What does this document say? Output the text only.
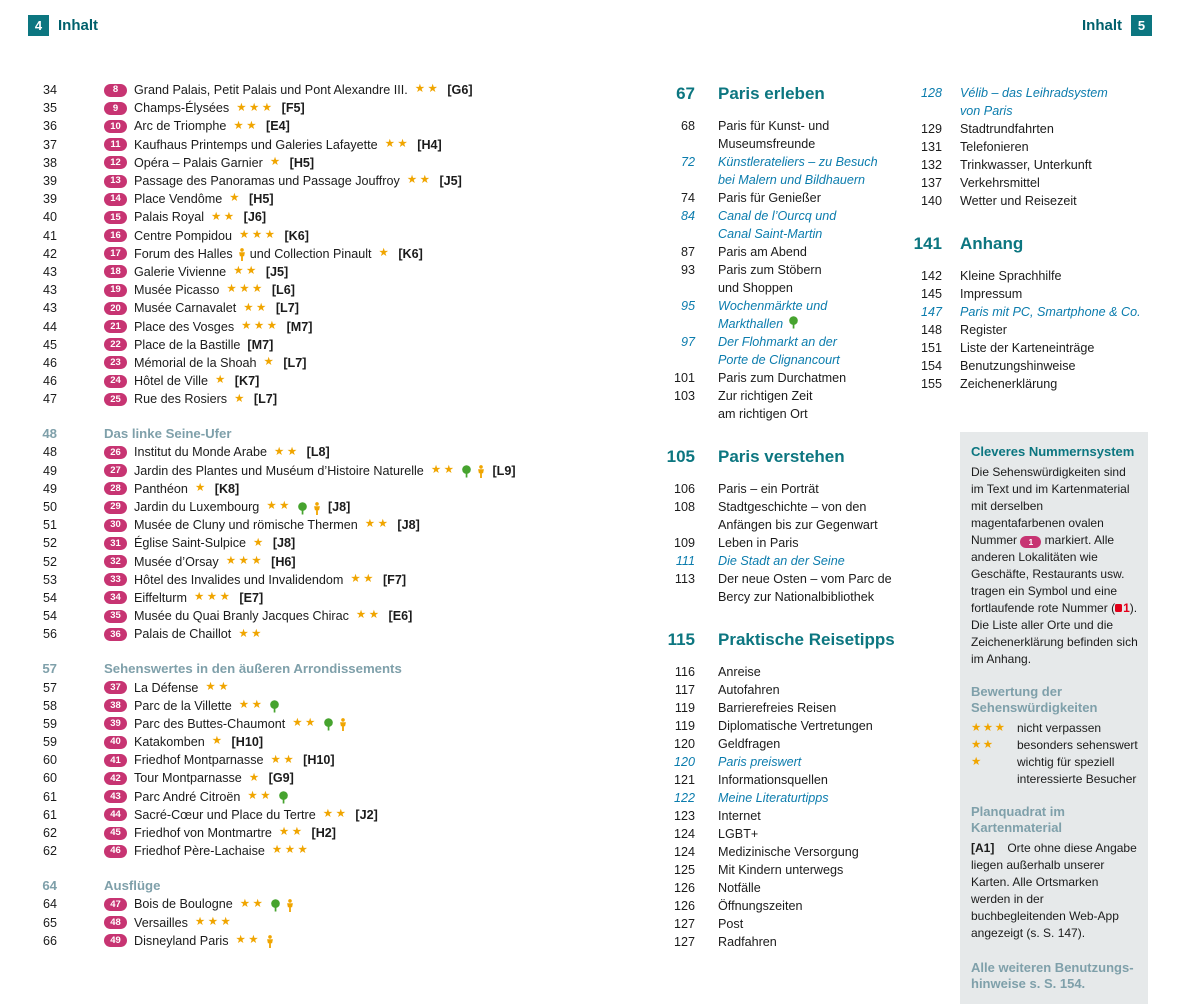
4	Inhalt	Inhalt	5
34	8	Grand Palais, Petit Palais und Pont Alexandre III. ★★ [G6]
35	9	Champs-Élysées ★★★ [F5]
36	10	Arc de Triomphe ★★ [E4]
37	11	Kaufhaus Printemps und Galeries Lafayette ★★ [H4]
38	12	Opéra – Palais Garnier ★ [H5]
39	13	Passage des Panoramas und Passage Jouffroy ★★ [J5]
39	14	Place Vendôme ★ [H5]
40	15	Palais Royal ★★ [J6]
41	16	Centre Pompidou ★★★ [K6]
42	17	Forum des Halles und Collection Pinault ★ [K6]
43	18	Galerie Vivienne ★★ [J5]
43	19	Musée Picasso ★★★ [L6]
43	20	Musée Carnavalet ★★ [L7]
44	21	Place des Vosges ★★★ [M7]
45	22	Place de la Bastille [M7]
46	23	Mémorial de la Shoah ★ [L7]
46	24	Hôtel de Ville ★ [K7]
47	25	Rue des Rosiers ★ [L7]
48	Das linke Seine-Ufer
48	26	Institut du Monde Arabe ★★ [L8]
49	27	Jardin des Plantes und Muséum d’Histoire Naturelle ★★	[L9]
49	28	Panthéon ★ [K8]
50	29	Jardin du Luxembourg ★★	[J8]
51	30	Musée de Cluny und römische Thermen ★★ [J8]
52	31	Église Saint-Sulpice ★ [J8]
52	32	Musée d’Orsay ★★★ [H6]
53	33	Hôtel des Invalides und Invalidendom ★★ [F7]
54	34	Eiffelturm ★★★ [E7]
54	35	Musée du Quai Branly Jacques Chirac ★★ [E6]
56	36	Palais de Chaillot ★★
57	Sehenswertes in den äußeren Arrondissements
57	37	La Défense ★★
58	38	Parc de la Villette ★★
59	39	Parc des Buttes-Chaumont ★★
59	40	Katakomben ★ [H10]
60	41	Friedhof Montparnasse ★★ [H10]
60	42	Tour Montparnasse ★ [G9]
61	43	Parc André Citroën ★★
61	44	Sacré-Cœur und Place du Tertre ★★ [J2]
62	45	Friedhof von Montmartre ★★ [H2]
62	46	Friedhof Père-Lachaise ★★★
64	Ausflüge
64	47	Bois de Boulogne ★★
65	48	Versailles ★★★
66	49	Disneyland Paris ★★
67 Paris erleben
68 Paris für Kunst- und
Museumsfreunde
72 Künstlerateliers – zu Besuch
bei Malern und Bildhauern
74 Paris für Genießer
84 Canal de l’Ourcq und
Canal Saint-Martin
87 Paris am Abend
93 Paris zum Stöbern
und Shoppen
95 Wochenmärkte und
Markthallen
97 Der Flohmarkt an der
Porte de Clignancourt
101 Paris zum Durchatmen
103 Zur richtigen Zeit
am richtigen Ort
105 Paris verstehen
106 Paris – ein Porträt
108 Stadtgeschichte – von den
Anfängen bis zur Gegenwart
109 Leben in Paris
111 Die Stadt an der Seine
113 Der neue Osten – vom Parc de
Bercy zur Nationalbibliothek
115 Praktische Reisetipps
116 Anreise
117 Autofahren
119 Barrierefreies Reisen
119 Diplomatische Vertretungen
120 Geldfragen
120 Paris preiswert
121 Informationsquellen
122 Meine Literaturtipps
123 Internet
124 LGBT+
124 Medizinische Versorgung
125 Mit Kindern unterwegs
126 Notfälle
126 Öffnungszeiten
127 Post
127 Radfahren
128 Vélib – das Leihradsystem
von Paris
129 Stadtrundfahrten
131 Telefonieren
132 Trinkwasser, Unterkunft
137 Verkehrsmittel
140 Wetter und Reisezeit
141 Anhang
142 Kleine Sprachhilfe
145 Impressum
147 Paris mit PC, Smartphone & Co.
148 Register
151 Liste der Karteneinträge
154 Benutzungshinweise
155 Zeichenerklärung
Cleveres Nummernsystem
Die Sehenswürdigkeiten sind im Text und im Kartenmaterial mit derselben magentafarbenen ovalen Nummer 1 markiert. Alle anderen Lokalitäten wie Geschäfte, Restaurants usw. tragen ein Symbol und eine fortlaufende rote Nummer ( 1). Die Liste aller Orte und die Zeichenerklärung befinden sich im Anhang.
Bewertung der Sehenswürdigkeiten
★★★ nicht verpassen
★★	besonders sehenswert
★	wichtig für speziell interessierte Besucher
Planquadrat im Kartenmaterial
[A1] Orte ohne diese Angabe liegen außerhalb unserer Karten. Alle Ortsmarken werden in der buchbegleitenden Web-App angezeigt (s. S. 147).
Alle weiteren Benutzungs-
hinweise s. S. 154.
